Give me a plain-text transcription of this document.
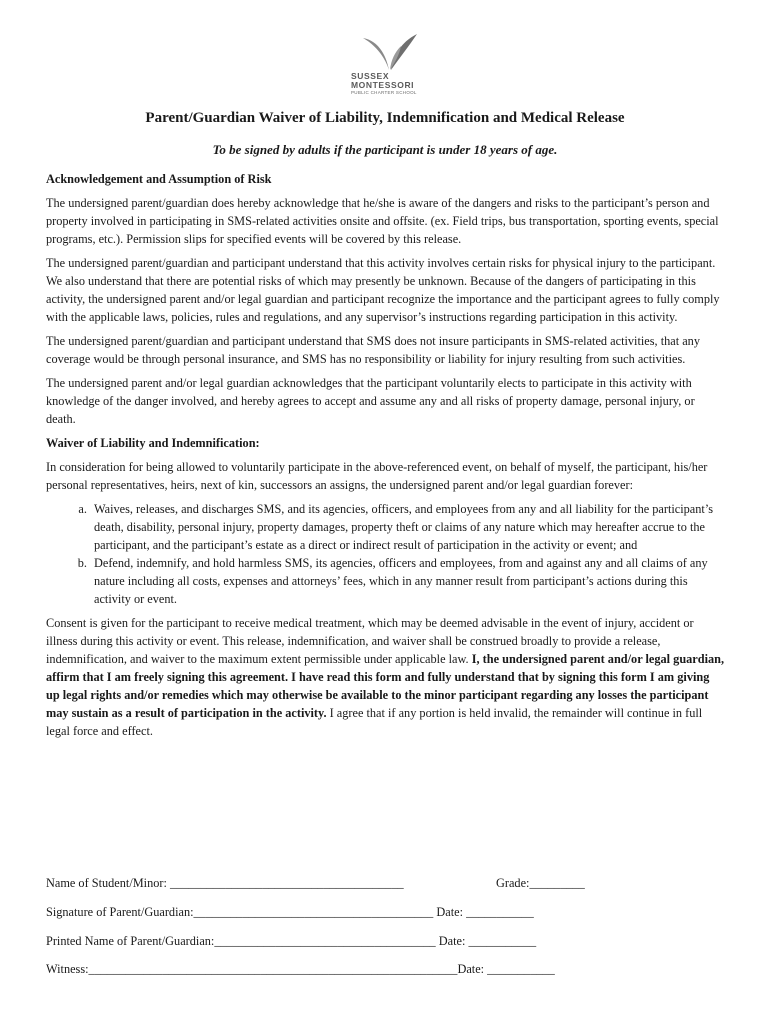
SUSSEX
MONTESSORI
PUBLIC CHARTER SCHOOL
Parent/Guardian Waiver of Liability, Indemnification and Medical Release
To be signed by adults if the participant is under 18 years of age.

Acknowledgement and Assumption of Risk

The undersigned parent/guardian does hereby acknowledge that he/she is aware of the dangers and risks to the participant’s person and property involved in participating in SMS-related activities onsite and offsite. (ex. Field trips, bus transportation, sporting events, special programs, etc.). Permission slips for specified events will be covered by this release.

The undersigned parent/guardian and participant understand that this activity involves certain risks for physical injury to the participant. We also understand that there are potential risks of which may presently be unknown. Because of the dangers of participating in this activity, the undersigned parent and/or legal guardian and participant recognize the importance and the participant agrees to fully comply with the applicable laws, policies, rules and regulations, and any supervisor’s instructions regarding participation in this activity.

The undersigned parent/guardian and participant understand that SMS does not insure participants in SMS-related activities, that any coverage would be through personal insurance, and SMS has no responsibility or liability for injury resulting from such activities.

The undersigned parent and/or legal guardian acknowledges that the participant voluntarily elects to participate in this activity with knowledge of the danger involved, and hereby agrees to accept and assume any and all risks of property damage, personal injury, or death.

Waiver of Liability and Indemnification:

In consideration for being allowed to voluntarily participate in the above-referenced event, on behalf of myself, the participant, his/her personal representatives, heirs, next of kin, successors an assigns, the undersigned parent and/or legal guardian forever:

a. Waives, releases, and discharges SMS, and its agencies, officers, and employees from any and all liability for the participant’s death, disability, personal injury, property damages, property theft or claims of any nature which may hereafter accrue to the participant, and the participant’s estate as a direct or indirect result of participation in the activity or event; and
b. Defend, indemnify, and hold harmless SMS, its agencies, officers and employees, from and against any and all claims of any nature including all costs, expenses and attorneys’ fees, which in any manner result from participant’s actions during this activity or event.

Consent is given for the participant to receive medical treatment, which may be deemed advisable in the event of injury, accident or illness during this activity or event. This release, indemnification, and waiver shall be construed broadly to provide a release, indemnification, and waiver to the maximum extent permissible under applicable law. I, the undersigned parent and/or legal guardian, affirm that I am freely signing this agreement. I have read this form and fully understand that by signing this form I am giving up legal rights and/or remedies which may otherwise be available to the minor participant regarding any losses the participant may sustain as a result of participation in the activity. I agree that if any portion is held invalid, the remainder will continue in full legal force and effect.

Name of Student/Minor: ______________________________________	Grade:_________
Signature of Parent/Guardian:_______________________________________ Date: ___________
Printed Name of Parent/Guardian:____________________________________ Date: ___________
Witness:____________________________________________________________Date: ___________
